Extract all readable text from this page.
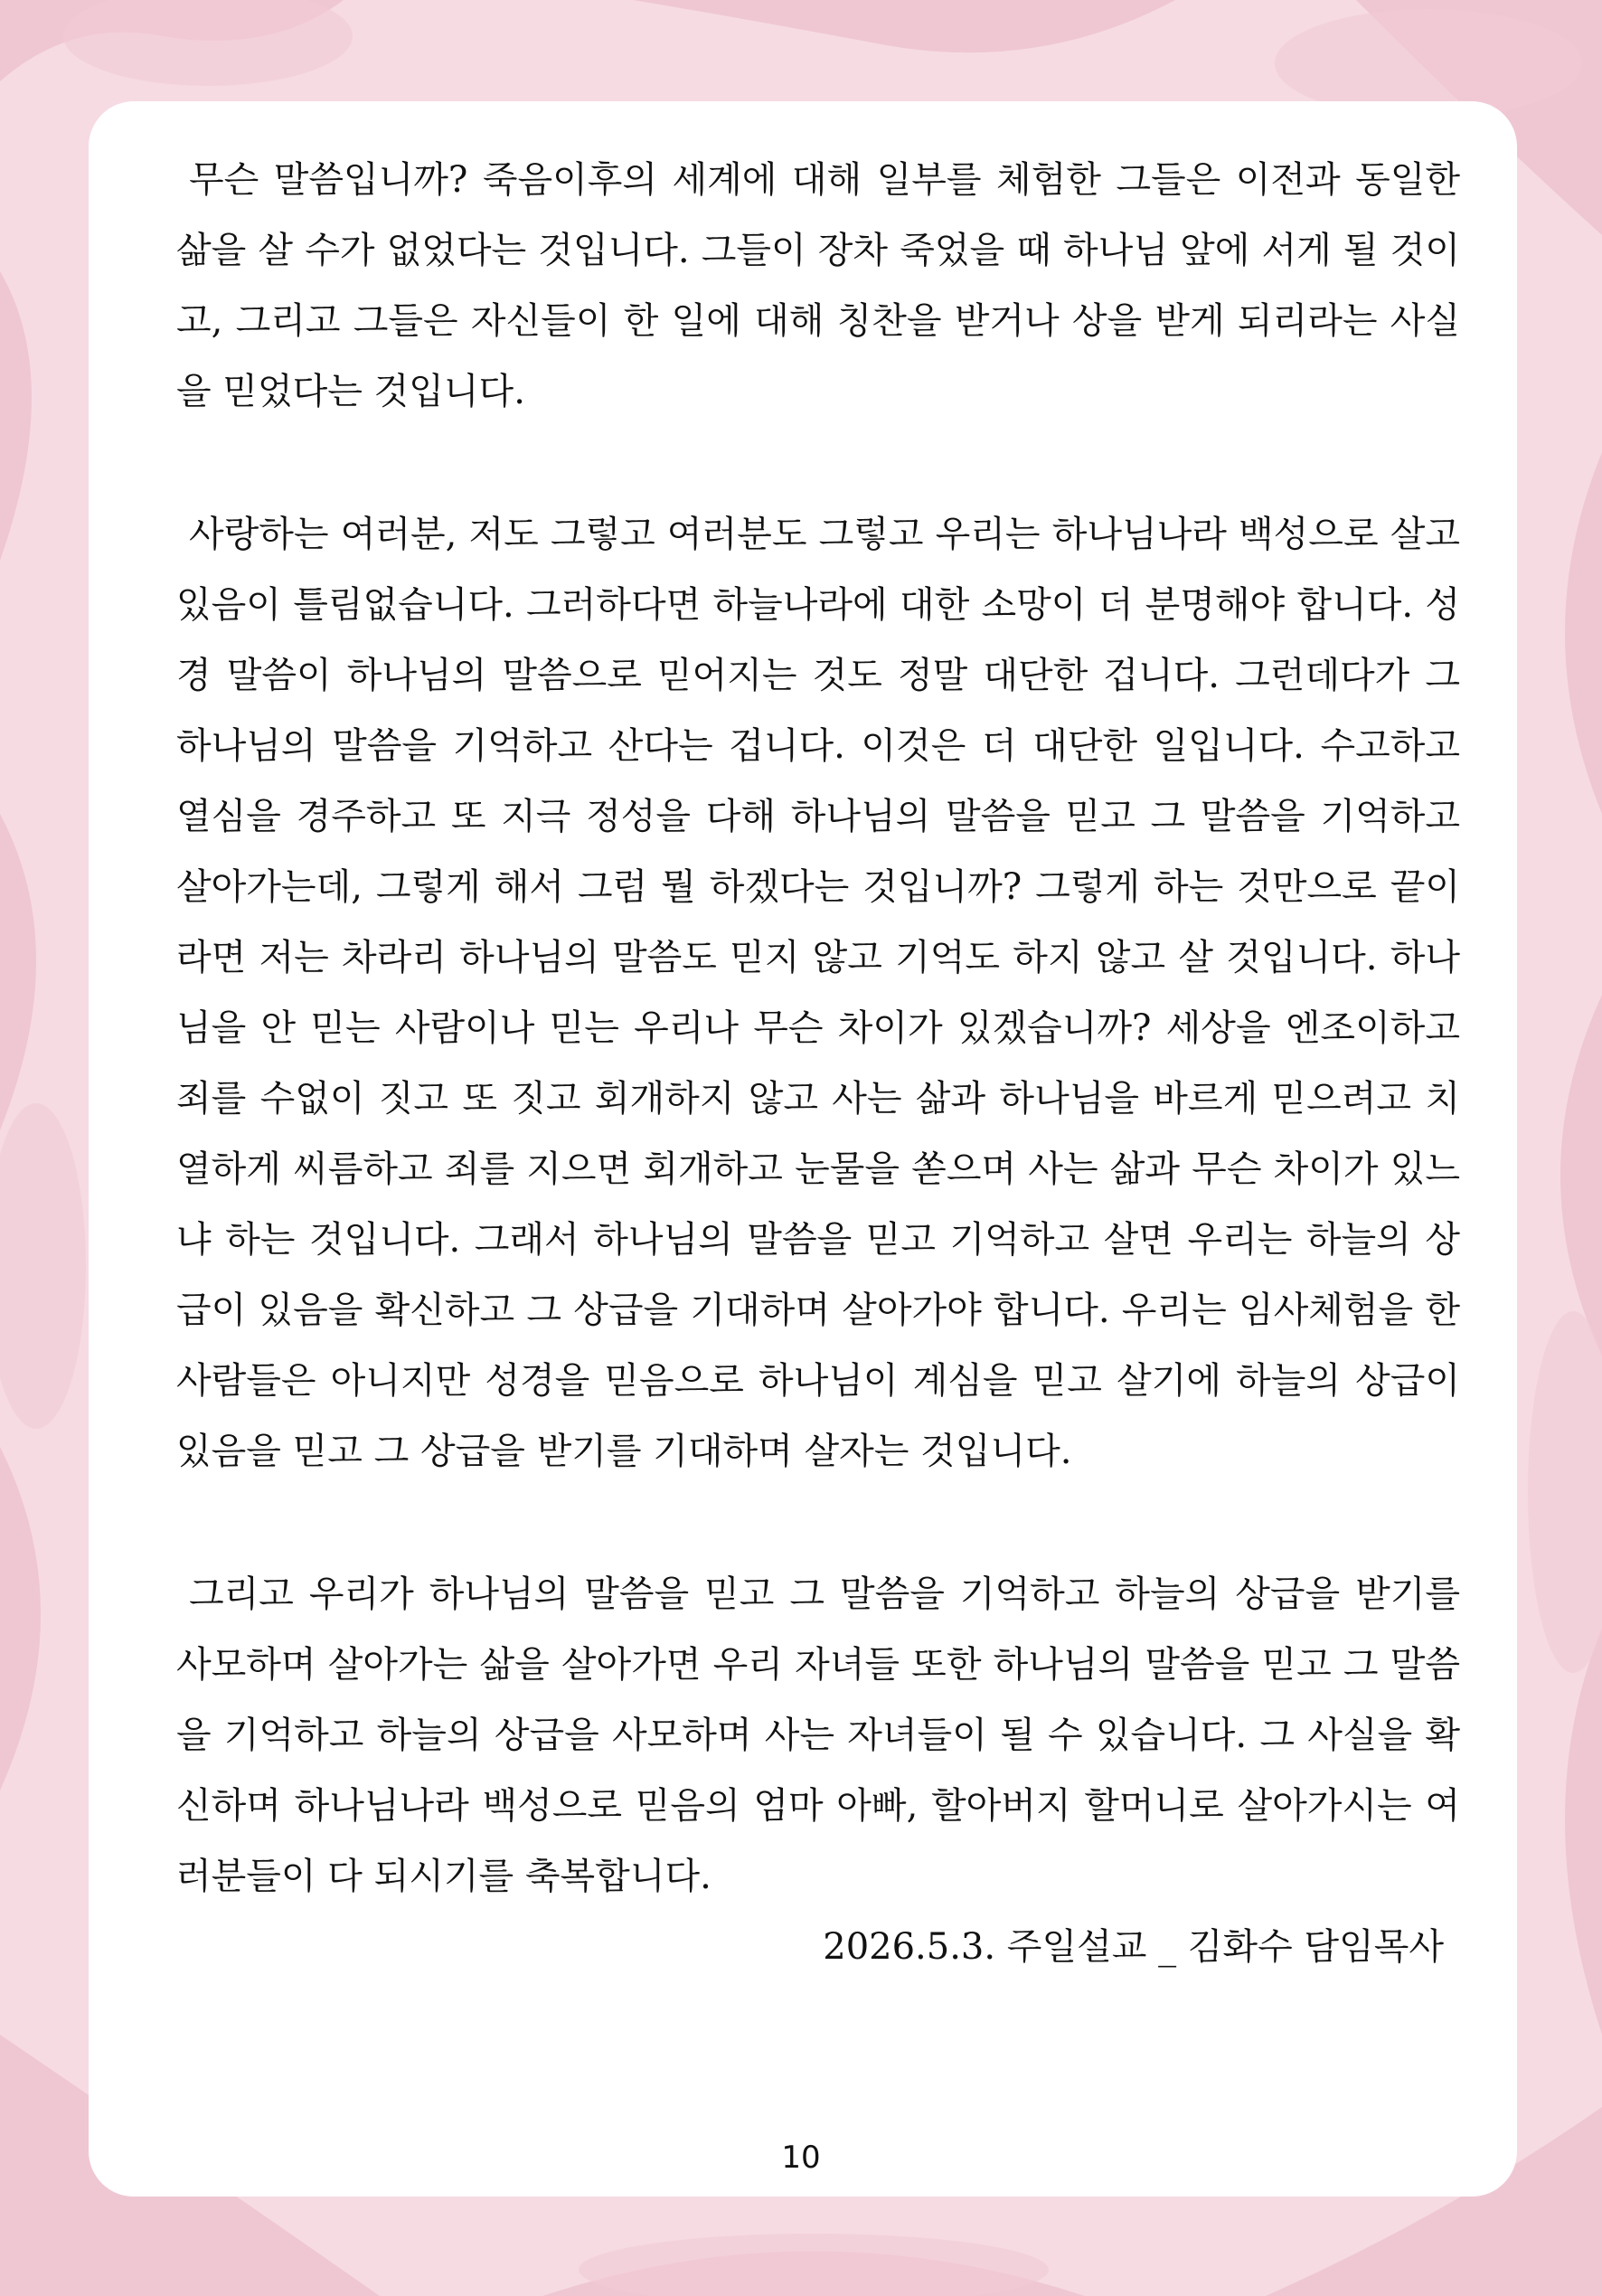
무슨 말씀입니까? 죽음이후의 세계에 대해 일부를 체험한 그들은 이전과 동일한 삶을 살 수가 없었다는 것입니다. 그들이 장차 죽었을 때 하나님 앞에 서게 될 것이고, 그리고 그들은 자신들이 한 일에 대해 칭찬을 받거나 상을 받게 되리라는 사실을 믿었다는 것입니다.

사랑하는 여러분, 저도 그렇고 여러분도 그렇고 우리는 하나님나라 백성으로 살고 있음이 틀림없습니다. 그러하다면 하늘나라에 대한 소망이 더 분명해야 합니다. 성경 말씀이 하나님의 말씀으로 믿어지는 것도 정말 대단한 겁니다. 그런데다가 그 하나님의 말씀을 기억하고 산다는 겁니다. 이것은 더 대단한 일입니다. 수고하고 열심을 경주하고 또 지극 정성을 다해 하나님의 말씀을 믿고 그 말씀을 기억하고 살아가는데, 그렇게 해서 그럼 뭘 하겠다는 것입니까? 그렇게 하는 것만으로 끝이라면 저는 차라리 하나님의 말씀도 믿지 않고 기억도 하지 않고 살 것입니다. 하나님을 안 믿는 사람이나 믿는 우리나 무슨 차이가 있겠습니까? 세상을 엔조이하고 죄를 수없이 짓고 또 짓고 회개하지 않고 사는 삶과 하나님을 바르게 믿으려고 치열하게 씨름하고 죄를 지으면 회개하고 눈물을 쏟으며 사는 삶과 무슨 차이가 있느냐 하는 것입니다. 그래서 하나님의 말씀을 믿고 기억하고 살면 우리는 하늘의 상급이 있음을 확신하고 그 상급을 기대하며 살아가야 합니다. 우리는 임사체험을 한 사람들은 아니지만 성경을 믿음으로 하나님이 계심을 믿고 살기에 하늘의 상급이 있음을 믿고 그 상급을 받기를 기대하며 살자는 것입니다.

그리고 우리가 하나님의 말씀을 믿고 그 말씀을 기억하고 하늘의 상급을 받기를 사모하며 살아가는 삶을 살아가면 우리 자녀들 또한 하나님의 말씀을 믿고 그 말씀을 기억하고 하늘의 상급을 사모하며 사는 자녀들이 될 수 있습니다. 그 사실을 확신하며 하나님나라 백성으로 믿음의 엄마 아빠, 할아버지 할머니로 살아가시는 여러분들이 다 되시기를 축복합니다.

2026.5.3. 주일설교 _ 김화수 담임목사

10
